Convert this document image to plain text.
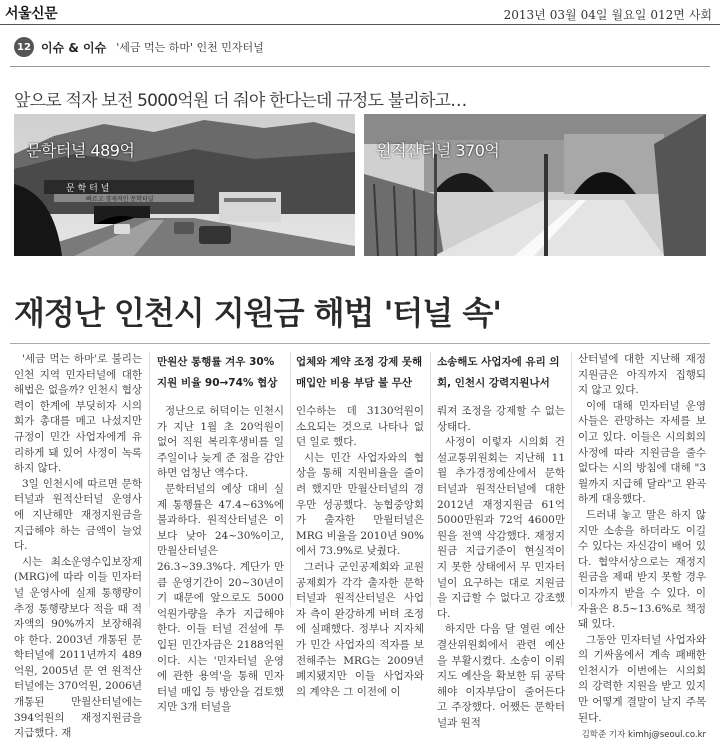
서울신문	2013년 03월 04일 월요일 012면 사회
12 이슈 & 이슈 '세금 먹는 하마' 인천 민자터널
앞으로 적자 보전 5000억원 더 줘야 한다는데 규정도 불리하고…
문 학 터 널
빠르고 경제적인 문학터널
문학터널 489억	원적산터널 370억
재정난 인천시 지원금 해법 '터널 속'

'세금 먹는 하마'로 불리는 인천 지역 민자터널에 대한 해법은 없을까? 인천시 협상력이 한계에 부딪히자 시의회가 총대를 메고 나섰지만 규정이 민간 사업자에게 유리하게 돼 있어 사정이 녹록하지 않다.

3일 인천시에 따르면 문학터널과 원적산터널 운영사에 지난해만 재정지원금을 지급해야 하는 금액이 늘었다.

시는 최소운영수입보장제(MRG)에 따라 이들 민자터널 운영사에 실제 통행량이 추정 통행량보다 적을 때 적자액의 90%까지 보장해줘야 한다. 2003년 개통된 문학터널에 2011년까지 489억원, 2005년 문 연 원적산터널에는 370억원, 2006년 개통된 만월산터널에는 394억원의 재정지원금을 지급했다. 재

만원산 통행률 겨우 30% 지원 비율 90→74% 협상

정난으로 허덕이는 인천시가 지난 1월 초 20억원이 없어 직원 복리후생비를 일주일이나 늦게 준 점을 감안하면 엄청난 액수다.

문학터널의 예상 대비 실제 통행률은 47.4~63%에 불과하다. 원적산터널은 이보다 낮아 24~30%이고, 만월산터널은 26.3~39.3%다. 계단가 만큼 운영기간이 20~30년이기 때문에 앞으로도 5000억원가량을 추가 지급해야 한다. 이들 터널 건설에 투입된 민간자금은 2188억원이다. 시는 '민자터널 운영에 관한 용역'을 통해 민자터널 매입 등 방안을 검토했지만 3개 터널을

업체와 계약 조정 강제 못해 매입안 비용 부담 불 무산

인수하는 데 3130억원이 소요되는 것으로 나타나 없던 일로 했다.

시는 민간 사업자와의 협상을 통해 지원비율을 줄이려 했지만 만월산터널의 경우만 성공했다. 농협중앙회가 출자한 만월터널은 MRG 비율을 2010년 90%에서 73.9%로 낮췄다.

그러나 군인공제회와 교원공제회가 각각 출자한 문학터널과 원적산터널은 사업자 측이 완강하게 버텨 조정에 실패했다. 정부나 지자체가 민간 사업자의 적자를 보전해주는 MRG는 2009년 폐지됐지만 이들 사업자와의 계약은 그 이전에 이

소송해도 사업자에 유리 의회, 인천시 강력지원나서

뤄져 조정을 강제할 수 없는 상태다.

사정이 이렇자 시의회 건설교통위원회는 지난해 11월 추가경정예산에서 문학터널과 원적산터널에 대한 2012년 재정지원금 61억 5000만원과 72억 4600만원을 전액 삭감했다. 재정지원금 지급기준이 현실적이지 못한 상태에서 무 민자터널이 요구하는 대로 지원금을 지급할 수 없다고 강조했다.

하지만 다음 달 열린 예산결산위원회에서 관련 예산을 부활시켰다. 소송이 이뤄지도 예산을 확보한 뒤 공탁해야 이자부담이 줄어든다고 주장했다. 어쨌든 문학터널과 원적

산터널에 대한 지난해 재정지원금은 아직까지 집행되지 않고 있다.

이에 대해 민자터널 운영사들은 관망하는 자세를 보이고 있다. 이들은 시의회의 사정에 따라 지원금을 줄수 없다는 시의 방침에 대해 "3월까지 지급해 달라"고 완곡하게 대응했다.

드러내 놓고 말은 하지 않지만 소송을 하더라도 이길 수 있다는 자신감이 배어 있다. 협약서상으로는 재정지원금을 제때 받지 못할 경우 이자까지 받을 수 있다. 이자율은 8.5~13.6%로 책정돼 있다.

그동안 민자터널 사업자와의 기싸움에서 계속 패배한 인천시가 이번에는 시의회의 강력한 지원을 받고 있지만 어떻게 결말이 날지 주목된다.

김학준 기자 kimhj@seoul.co.kr
